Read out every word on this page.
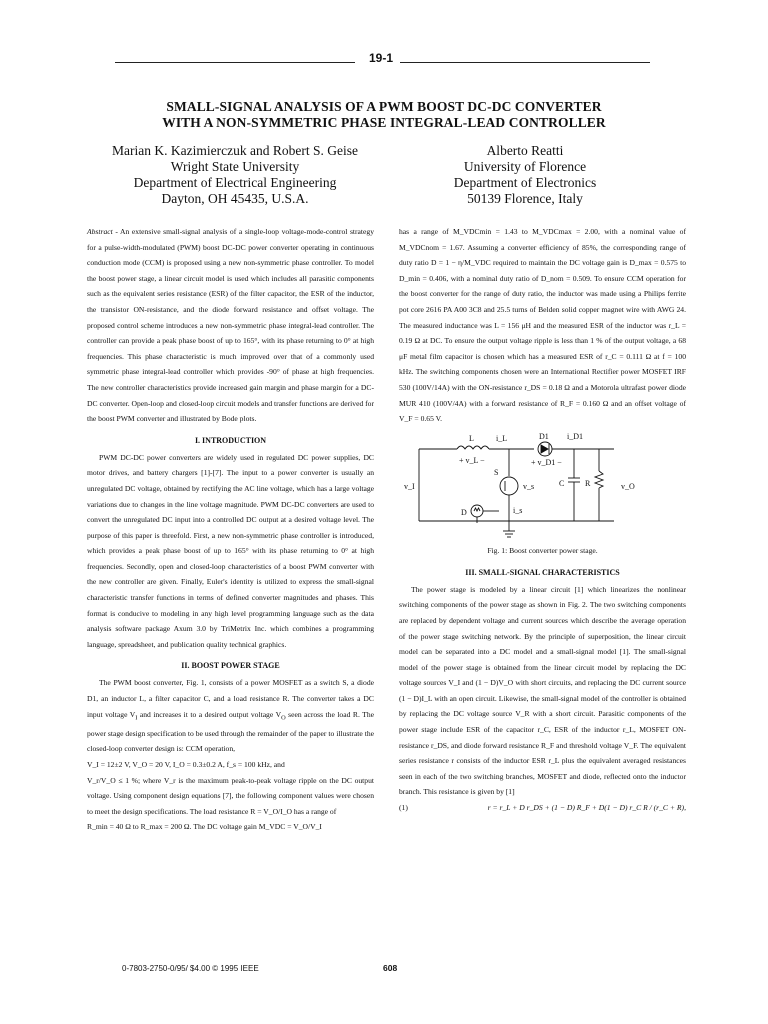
19-1
SMALL-SIGNAL ANALYSIS OF A PWM BOOST DC-DC CONVERTER
WITH A NON-SYMMETRIC PHASE INTEGRAL-LEAD CONTROLLER
Marian K. Kazimierczuk and Robert S. Geise
Wright State University
Department of Electrical Engineering
Dayton, OH 45435, U.S.A.
Alberto Reatti
University of Florence
Department of Electronics
50139 Florence, Italy

Abstract - An extensive small-signal analysis of a single-loop voltage-mode-control strategy for a pulse-width-modulated (PWM) boost DC-DC power converter operating in continuous conduction mode (CCM) is proposed using a new non-symmetric phase controller. To model the boost power stage, a linear circuit model is used which includes all parasitic components such as the equivalent series resistance (ESR) of the filter capacitor, the ESR of the inductor, the transistor ON-resistance, and the diode forward resistance and offset voltage. The proposed control scheme introduces a new non-symmetric phase integral-lead controller. The controller can provide a peak phase boost of up to 165°, with its phase returning to 0° at high frequencies. This phase characteristic is much improved over that of a commonly used symmetric phase integral-lead controller which provides -90° of phase at high frequencies. The new controller characteristics provide increased gain margin and phase margin for a DC-DC converter. Open-loop and closed-loop circuit models and transfer functions are derived for the boost PWM converter and illustrated by Bode plots.

I. INTRODUCTION

PWM DC-DC power converters are widely used in regulated DC power supplies, DC motor drives, and battery chargers [1]-[7]. The input to a power converter is usually an unregulated DC voltage, obtained by rectifying the AC line voltage, which has a large voltage variations due to changes in the line voltage magnitude. PWM DC-DC converters are used to convert the unregulated DC input into a controlled DC output at a desired voltage level. The purpose of this paper is threefold. First, a new non-symmetric phase controller is introduced, which provides a peak phase boost of up to 165° with its phase returning to 0° at high frequencies. Secondly, open and closed-loop characteristics of a boost PWM converter with the new controller are given. Finally, Euler's identity is utilized to express the small-signal characteristic transfer functions in terms of defined converter magnitudes and phases. This format is conducive to modeling in any high level programming language such as the data analysis software package Axum 3.0 by TriMetrix Inc. which combines a programming language, spreadsheet, and publication quality technical graphics.

II. BOOST POWER STAGE

The PWM boost converter, Fig. 1, consists of a power MOSFET as a switch S, a diode D1, an inductor L, a filter capacitor C, and a load resistance R. The converter takes a DC input voltage $V_I$ and increases it to a desired output voltage $V_O$ seen across the load R. The power stage design specification to be used through the remainder of the paper to illustrate the closed-loop converter design is: CCM operation,

V_I = 12±2 V, V_O = 20 V, I_O = 0.3±0.2 A, f_s = 100 kHz, and

V_r/V_O ≤ 1 %; where V_r is the maximum peak-to-peak voltage ripple on the DC output voltage. Using component design equations [7], the following component values were chosen to meet the design specifications. The load resistance R = V_O/I_O has a range of

R_min = 40 Ω to R_max = 200 Ω. The DC voltage gain M_VDC = V_O/V_I

has a range of M_VDCmin = 1.43 to M_VDCmax = 2.00, with a nominal value of M_VDCnom = 1.67. Assuming a converter efficiency of 85%, the corresponding range of duty ratio D = 1 − η/M_VDC required to maintain the DC voltage gain is D_max = 0.575 to D_min = 0.406, with a nominal duty ratio of D_nom = 0.509. To ensure CCM operation for the boost converter for the range of duty ratio, the inductor was made using a Philips ferrite pot core 2616 PA A00 3C8 and 25.5 turns of Belden solid copper magnet wire with AWG 24. The measured inductance was L = 156 μH and the measured ESR of the inductor was r_L = 0.19 Ω at DC. To ensure the output voltage ripple is less than 1 % of the output voltage, a 68 μF metal film capacitor is chosen which has a measured ESR of r_C = 0.111 Ω at f = 100 kHz. The switching components chosen were an International Rectifier power MOSFET IRF 530 (100V/14A) with the ON-resistance r_DS = 0.18 Ω and a Motorola ultrafast power diode MUR 410 (100V/4A) with a forward resistance of R_F = 0.160 Ω and an offset voltage of V_F = 0.65 V.

L	i_L	D1 i_D1
+ v_L −	+ v_D1 −
S
v_s
v_I	C	R	v_O
D	i_s
Fig. 1: Boost converter power stage.
III. SMALL-SIGNAL CHARACTERISTICS

The power stage is modeled by a linear circuit [1] which linearizes the nonlinear switching components of the power stage as shown in Fig. 2. The two switching components are replaced by dependent voltage and current sources which describe the average operation of the power stage switching network. By the principle of superposition, the linear circuit model can be separated into a DC model and a small-signal model [1]. The small-signal model of the power stage is obtained from the linear circuit model by replacing the DC voltage sources V_I and (1 − D)V_O with short circuits, and replacing the DC current source (1 − D)I_L with an open circuit. Likewise, the small-signal model of the controller is obtained by replacing the DC voltage source V_R with a short circuit. Parasitic components of the power stage include ESR of the capacitor r_C, ESR of the inductor r_L, MOSFET ON-resistance r_DS, and diode forward resistance R_F and threshold voltage V_F. The equivalent series resistance r consists of the inductor ESR r_L plus the equivalent averaged resistances seen in each of the two switching branches, MOSFET and diode, reflected onto the inductor branch. This resistance is given by [1]

(1)	r = r_L + D r_DS + (1 − D) R_F + D(1 − D) r_C R / (r_C + R),
0-7803-2750-0/95/ $4.00 © 1995 IEEE	608
